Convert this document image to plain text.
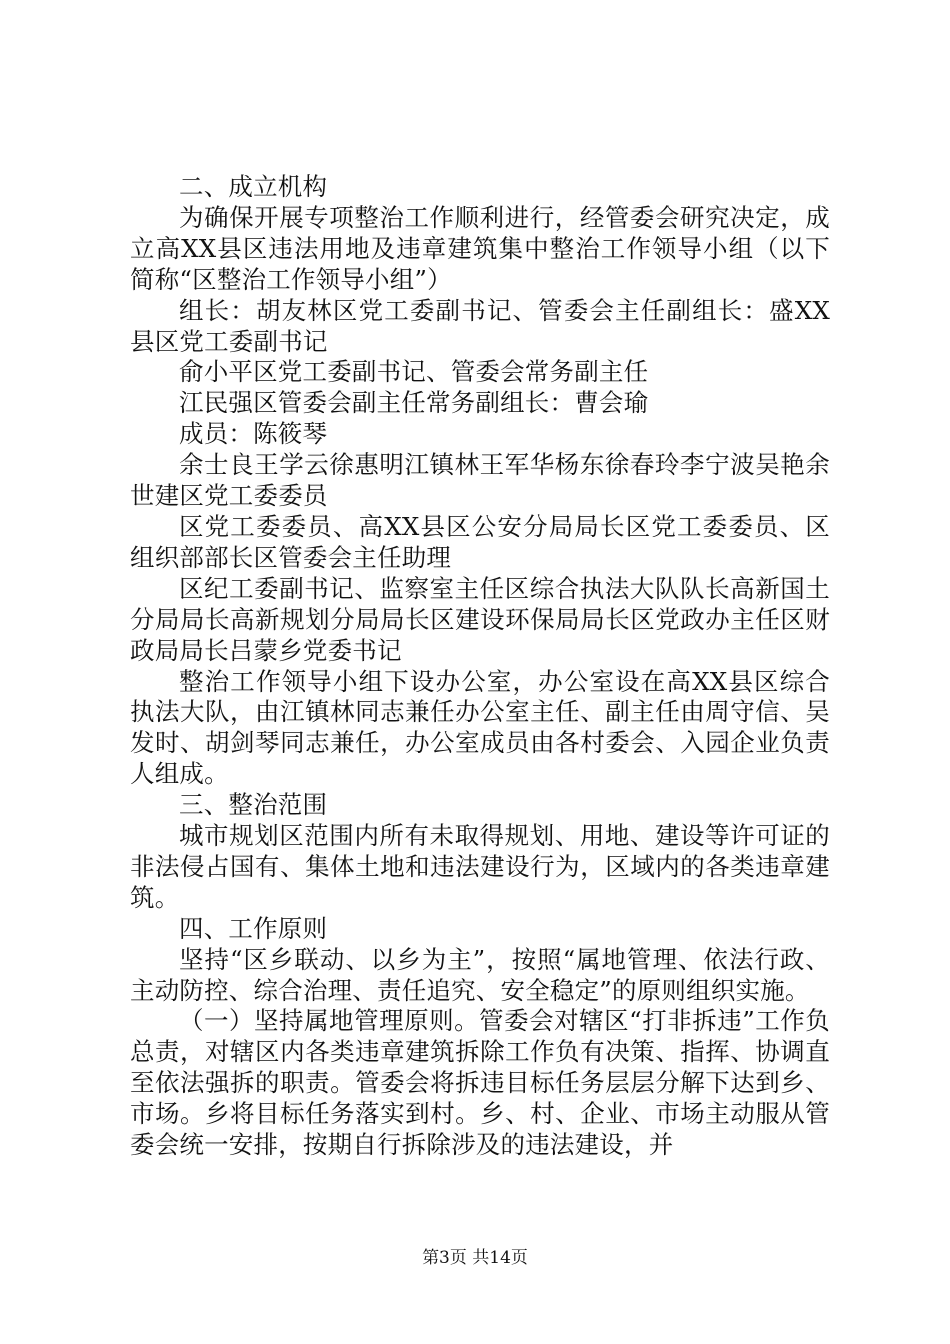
二、成立机构

为确保开展专项整治工作顺利进行，经管委会研究决定，成立高XX县区违法用地及违章建筑集中整治工作领导小组（以下简称“区整治工作领导小组”）

组长：胡友林区党工委副书记、管委会主任副组长：盛XX县区党工委副书记

俞小平区党工委副书记、管委会常务副主任

江民强区管委会副主任常务副组长：曹会瑜

成员：陈筱琴

余士良王学云徐惠明江镇林王军华杨东徐春玲李宁波吴艳余世建区党工委委员

区党工委委员、高XX县区公安分局局长区党工委委员、区组织部部长区管委会主任助理

区纪工委副书记、监察室主任区综合执法大队队长高新国土分局局长高新规划分局局长区建设环保局局长区党政办主任区财政局局长吕蒙乡党委书记

整治工作领导小组下设办公室，办公室设在高XX县区综合执法大队，由江镇林同志兼任办公室主任、副主任由周守信、吴发时、胡剑琴同志兼任，办公室成员由各村委会、入园企业负责人组成。

三、整治范围

城市规划区范围内所有未取得规划、用地、建设等许可证的非法侵占国有、集体土地和违法建设行为，区域内的各类违章建筑。

四、工作原则

坚持“区乡联动、以乡为主”，按照“属地管理、依法行政、主动防控、综合治理、责任追究、安全稳定”的原则组织实施。

（一）坚持属地管理原则。管委会对辖区“打非拆违”工作负总责，对辖区内各类违章建筑拆除工作负有决策、指挥、协调直至依法强拆的职责。管委会将拆违目标任务层层分解下达到乡、市场。乡将目标任务落实到村。乡、村、企业、市场主动服从管委会统一安排，按期自行拆除涉及的违法建设，并

第3页 共14页
